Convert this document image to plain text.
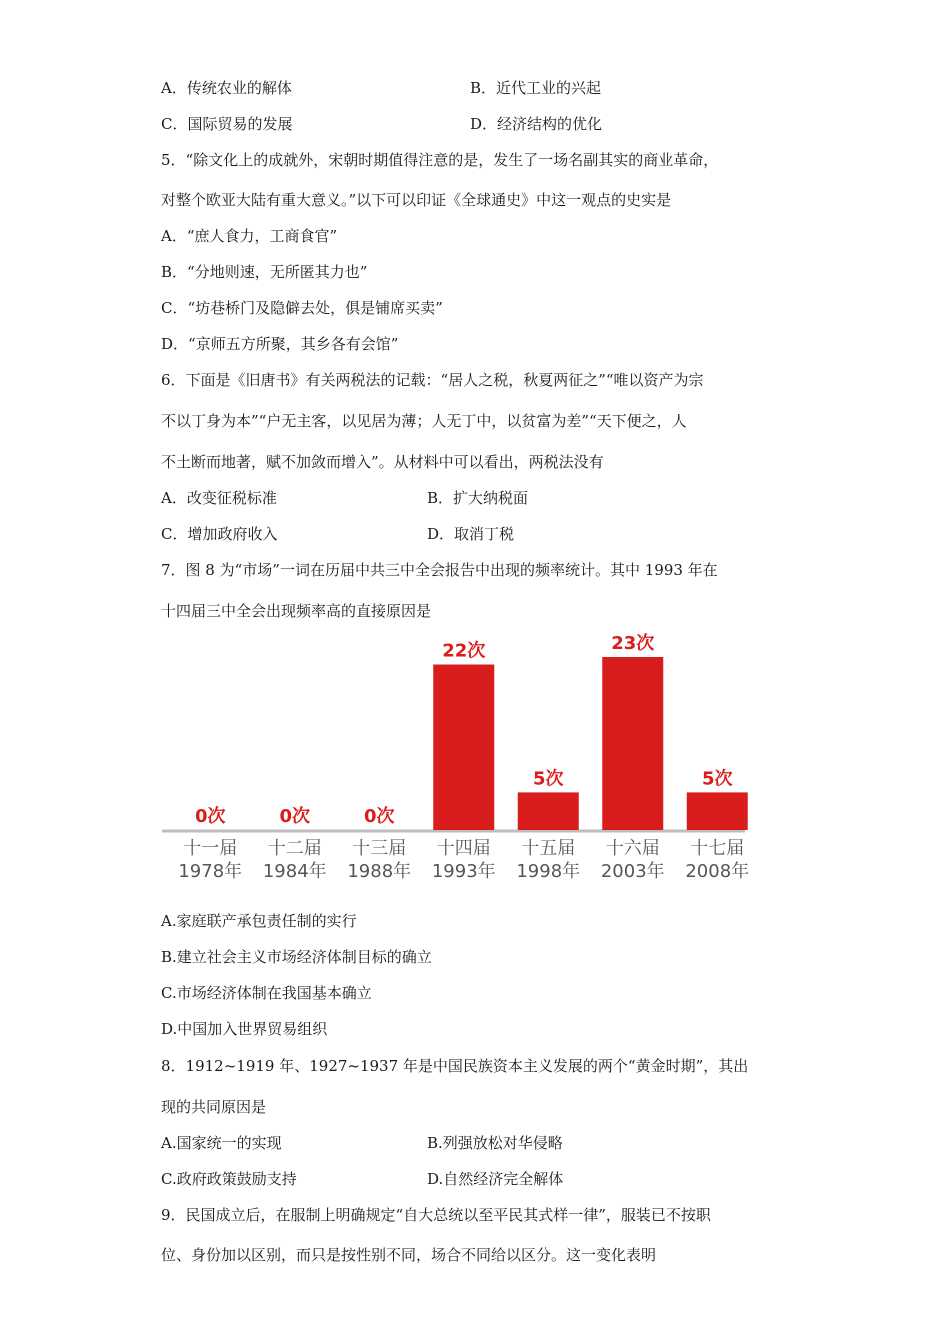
A．传统农业的解体	B．近代工业的兴起
C．国际贸易的发展	D．经济结构的优化
5．“除文化上的成就外，宋朝时期值得注意的是，发生了一场名副其实的商业革命，
对整个欧亚大陆有重大意义。”以下可以印证《全球通史》中这一观点的史实是
A．“庶人食力，工商食官”
B．“分地则速，无所匿其力也”
C．“坊巷桥门及隐僻去处，俱是铺席买卖”
D．“京师五方所聚，其乡各有会馆”
6．下面是《旧唐书》有关两税法的记载：“居人之税，秋夏两征之”“唯以资产为宗
不以丁身为本”“户无主客，以见居为薄；人无丁中，以贫富为差”“天下便之，人
不土断而地著，赋不加敛而增入”。从材料中可以看出，两税法没有
A．改变征税标准	B．扩大纳税面
C．增加政府收入	D．取消丁税
7．图 8 为“市场”一词在历届中共三中全会报告中出现的频率统计。其中 1993 年在
十四届三中全会出现频率高的直接原因是
0次
十一届
1978年
0次
十二届
1984年
0次
十三届
1988年
22次
十四届
1993年
5次
十五届
1998年
23次
十六届
2003年
5次
十七届
2008年
A.家庭联产承包责任制的实行
B.建立社会主义市场经济体制目标的确立
C.市场经济体制在我国基本确立
D.中国加入世界贸易组织
8．1912~1919 年、1927~1937 年是中国民族资本主义发展的两个“黄金时期”，其出
现的共同原因是
A.国家统一的实现	B.列强放松对华侵略
C.政府政策鼓励支持	D.自然经济完全解体
9．民国成立后，在服制上明确规定“自大总统以至平民其式样一律”，服装已不按职
位、身份加以区别，而只是按性别不同，场合不同给以区分。这一变化表明
